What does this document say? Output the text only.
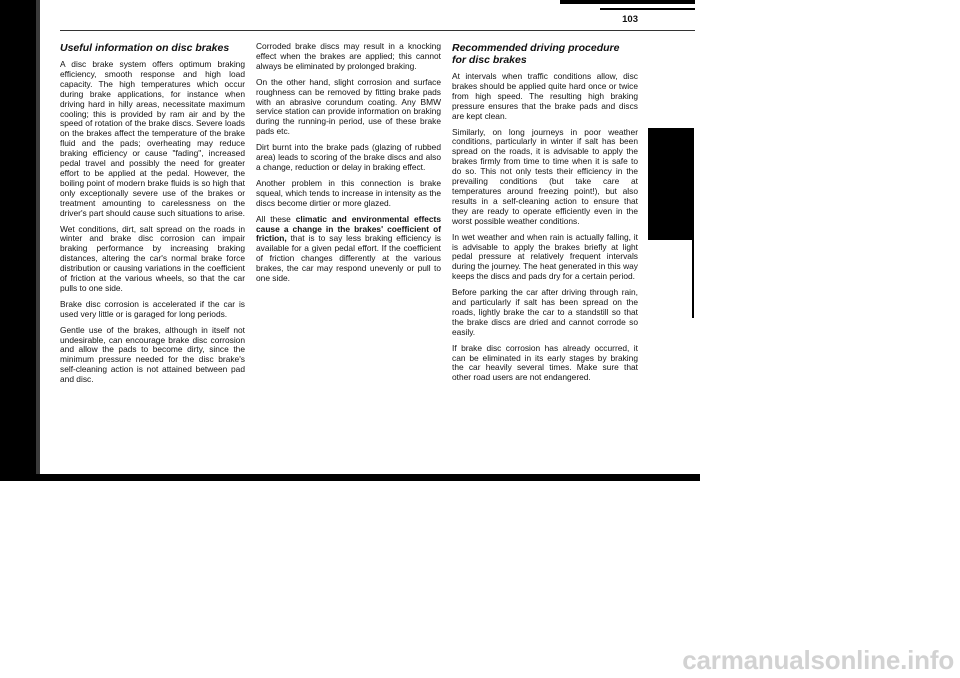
103
Useful information on disc brakes

A disc brake system offers optimum braking efficiency, smooth response and high load capacity. The high temperatures which occur during brake applications, for instance when driving hard in hilly areas, necessitate maximum cooling; this is provided by ram air and by the speed of rotation of the brake discs. Severe loads on the brakes affect the temperature of the brake fluid and the pads; overheating may reduce braking efficiency or cause "fading", increased pedal travel and possibly the need for greater effort to be applied at the pedal. However, the boiling point of modern brake fluids is so high that only exceptionally severe use of the brakes or treatment amounting to carelessness on the driver's part should cause such situations to arise.

Wet conditions, dirt, salt spread on the roads in winter and brake disc corrosion can impair braking performance by increasing braking distances, altering the car's normal brake force distribution or causing variations in the coefficient of friction at the various wheels, so that the car pulls to one side.

Brake disc corrosion is accelerated if the car is used very little or is garaged for long periods.

Gentle use of the brakes, although in itself not undesirable, can encourage brake disc corrosion and allow the pads to become dirty, since the minimum pressure needed for the disc brake's self-cleaning action is not attained between pad and disc.

Corroded brake discs may result in a knocking effect when the brakes are applied; this cannot always be eliminated by prolonged braking.

On the other hand, slight corrosion and surface roughness can be removed by fitting brake pads with an abrasive corundum coating. Any BMW service station can provide information on braking during the running-in period, use of these brake pads etc.

Dirt burnt into the brake pads (glazing of rubbed area) leads to scoring of the brake discs and also a change, reduction or delay in braking effect.

Another problem in this connection is brake squeal, which tends to increase in intensity as the discs become dirtier or more glazed.

All these climatic and environmental effects cause a change in the brakes' coefficient of friction, that is to say less braking efficiency is available for a given pedal effort. If the coefficient of friction changes differently at the various brakes, the car may respond unevenly or pull to one side.

Recommended driving procedure
for disc brakes

At intervals when traffic conditions allow, disc brakes should be applied quite hard once or twice from high speed. The resulting high braking pressure ensures that the brake pads and discs are kept clean.

Similarly, on long journeys in poor weather conditions, particularly in winter if salt has been spread on the roads, it is advisable to apply the brakes firmly from time to time when it is safe to do so. This not only tests their efficiency in the prevailing conditions (but take care at temperatures around freezing point!), but also results in a self-cleaning action to ensure that they are ready to operate efficiently even in the worst possible weather conditions.

In wet weather and when rain is actually falling, it is advisable to apply the brakes briefly at light pedal pressure at relatively frequent intervals during the journey. The heat generated in this way keeps the discs and pads dry for a certain period.

Before parking the car after driving through rain, and particularly if salt has been spread on the roads, lightly brake the car to a standstill so that the brake discs are dried and cannot corrode so easily.

If brake disc corrosion has already occurred, it can be eliminated in its early stages by braking the car heavily several times. Make sure that other road users are not endangered.

carmanualsonline.info
